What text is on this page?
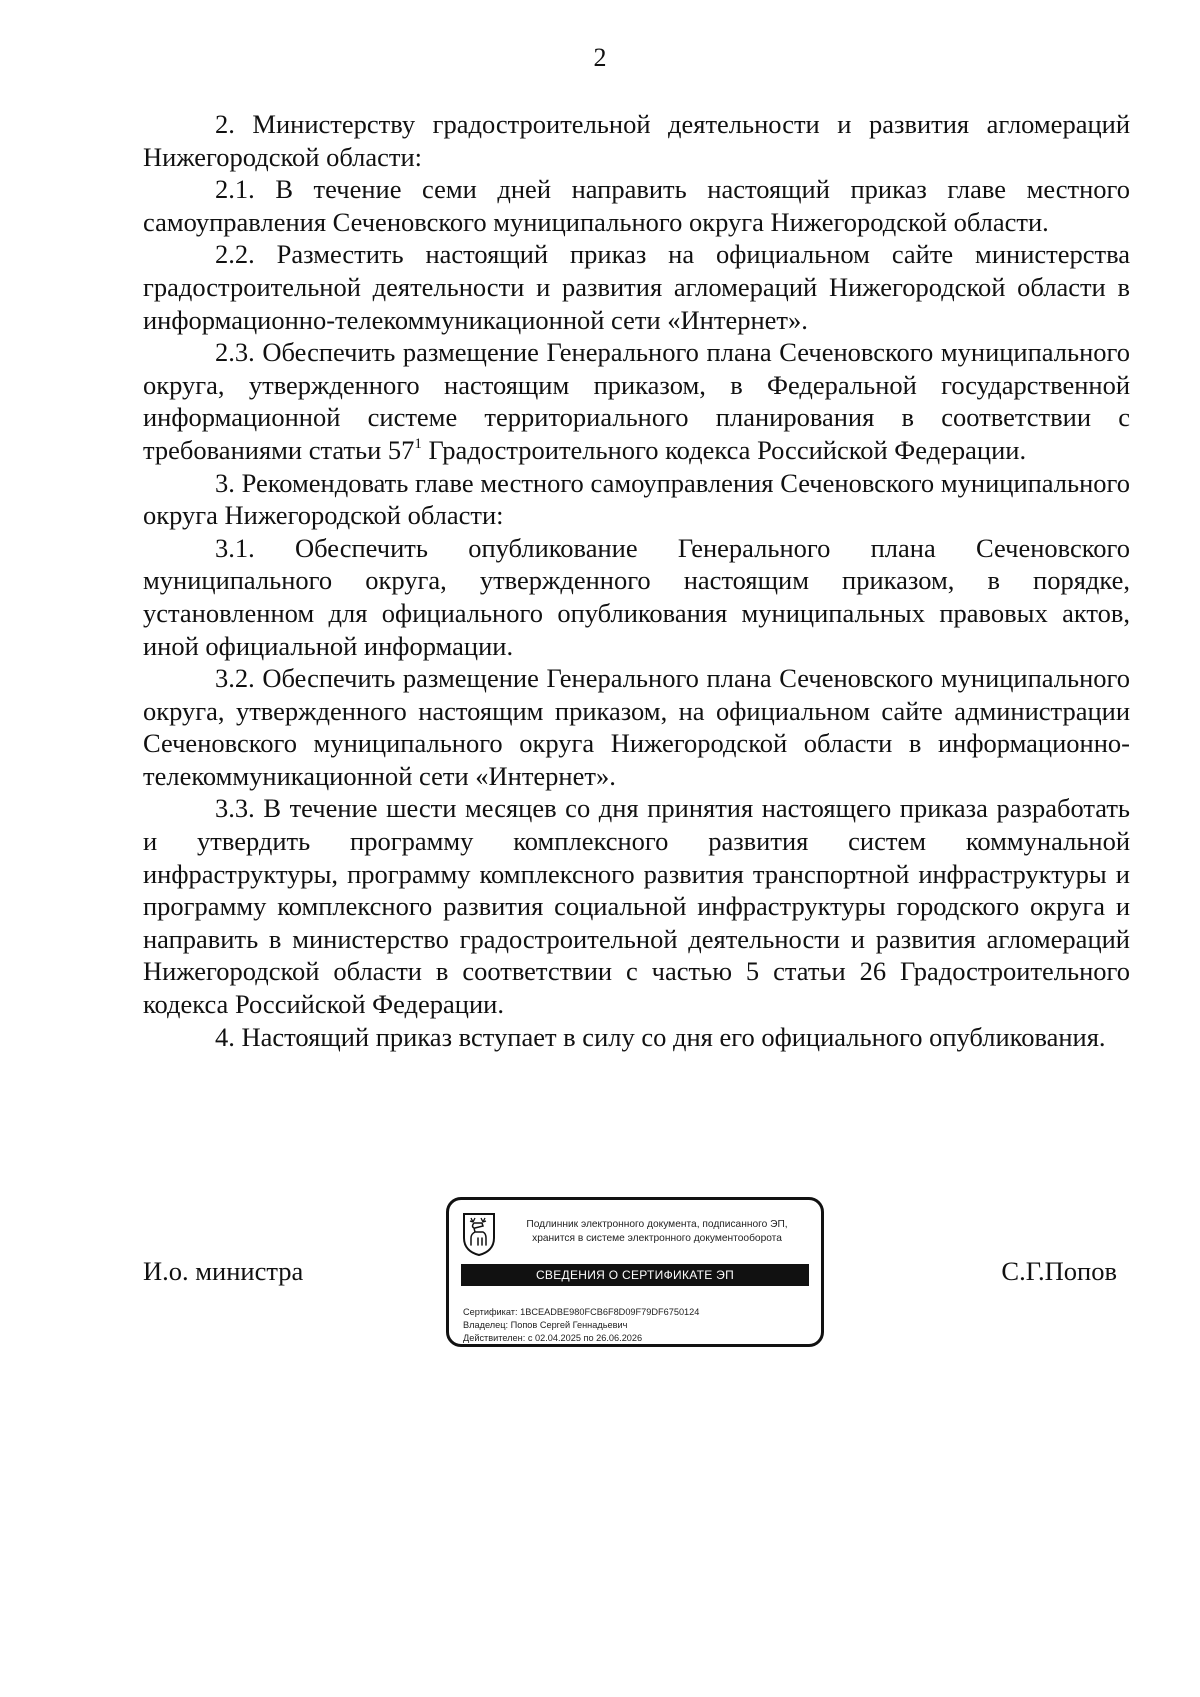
2

2. Министерству градостроительной деятельности и развития агломераций Нижегородской области:

2.1. В течение семи дней направить настоящий приказ главе местного самоуправления Сеченовского муниципального округа Нижегородской области.

2.2. Разместить настоящий приказ на официальном сайте министерства градостроительной деятельности и развития агломераций Нижегородской области в информационно-телекоммуникационной сети «Интернет».

2.3. Обеспечить размещение Генерального плана Сеченовского муниципального округа, утвержденного настоящим приказом, в Федеральной государственной информационной системе территориального планирования в соответствии с требованиями статьи $57^1$ Градостроительного кодекса Российской Федерации.

3. Рекомендовать главе местного самоуправления Сеченовского муниципального округа Нижегородской области:

3.1. Обеспечить опубликование Генерального плана Сеченовского муниципального округа, утвержденного настоящим приказом, в порядке, установленном для официального опубликования муниципальных правовых актов, иной официальной информации.

3.2. Обеспечить размещение Генерального плана Сеченовского муниципального округа, утвержденного настоящим приказом, на официальном сайте администрации Сеченовского муниципального округа Нижегородской области в информационно-телекоммуникационной сети «Интернет».

3.3. В течение шести месяцев со дня принятия настоящего приказа разработать и утвердить программу комплексного развития систем коммунальной инфраструктуры, программу комплексного развития транспортной инфраструктуры и программу комплексного развития социальной инфраструктуры городского округа и направить в министерство градостроительной деятельности и развития агломераций Нижегородской области в соответствии с частью 5 статьи 26 Градостроительного кодекса Российской Федерации.

4. Настоящий приказ вступает в силу со дня его официального опубликования.

И.о. министра
Подлинник электронного документа, подписанного ЭП,
хранится в системе электронного документооборота
СВЕДЕНИЯ О СЕРТИФИКАТЕ ЭП
Сертификат: 1BCEADBE980FCB6F8D09F79DF6750124
Владелец: Попов Сергей Геннадьевич
Действителен: с 02.04.2025 по 26.06.2026
С.Г.Попов
